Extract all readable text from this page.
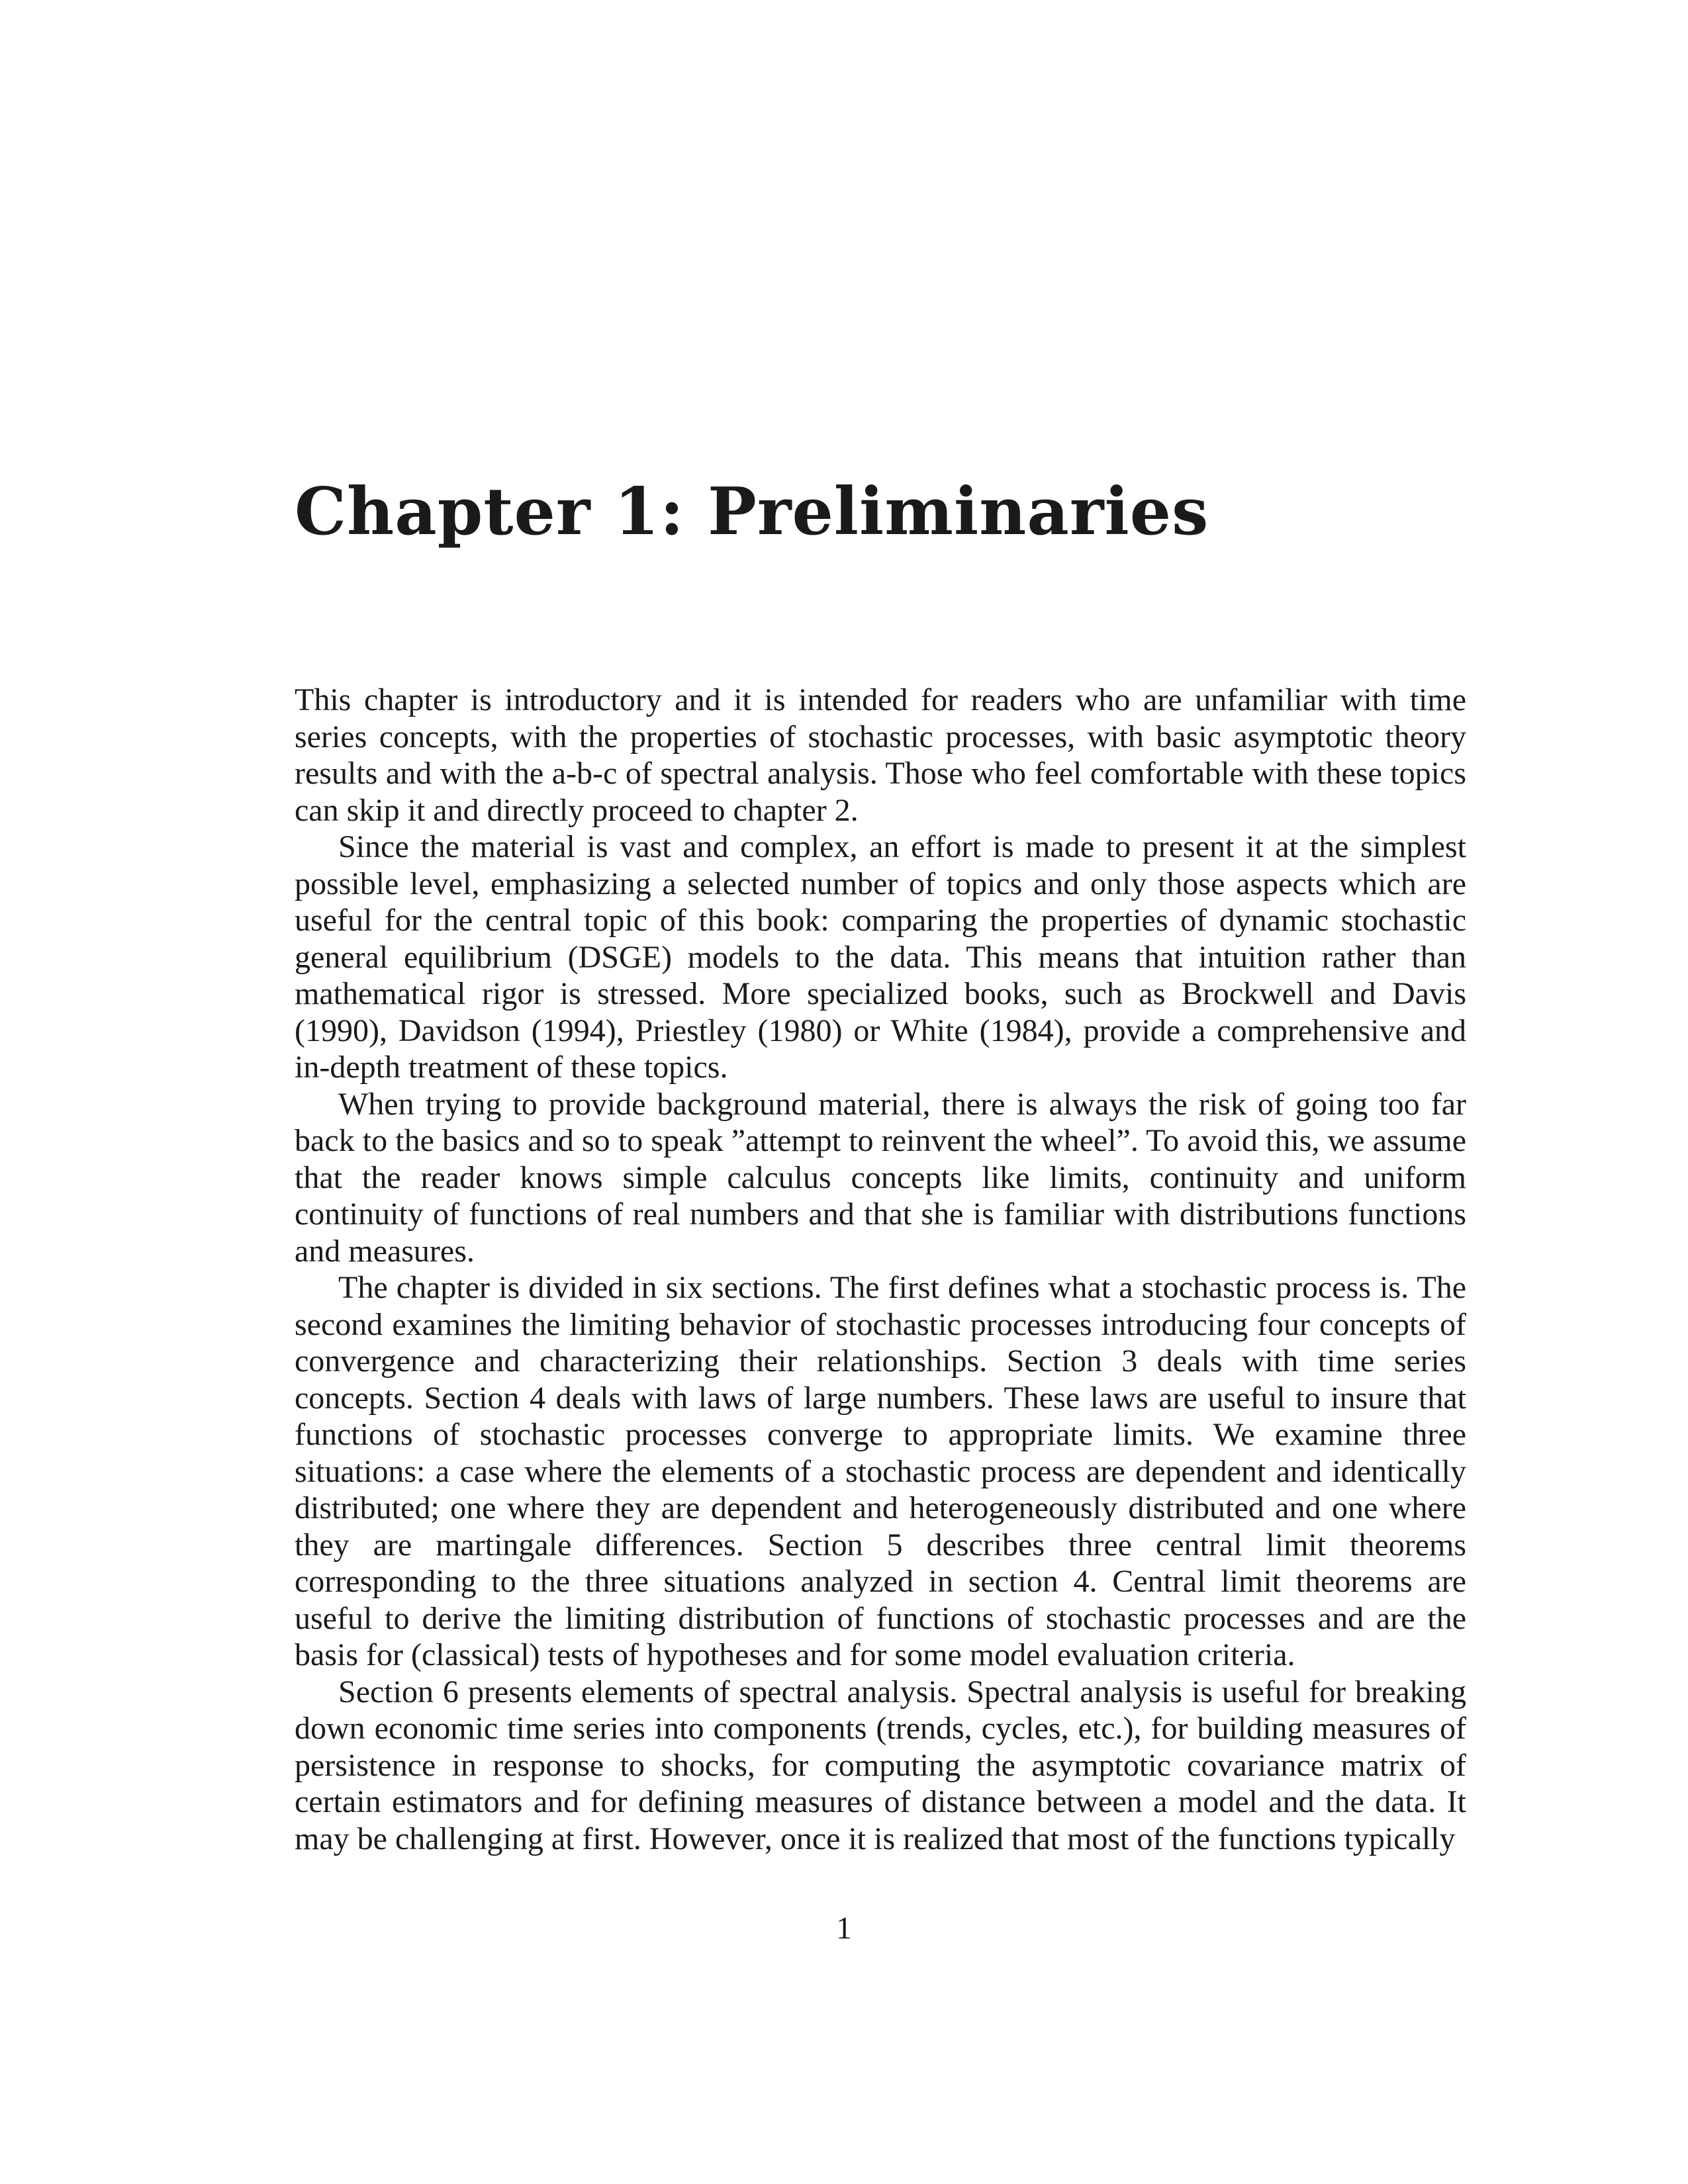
Chapter 1: Preliminaries

This chapter is introductory and it is intended for readers who are unfamiliar with time series concepts, with the properties of stochastic processes, with basic asymptotic theory results and with the a-b-c of spectral analysis. Those who feel comfortable with these topics can skip it and directly proceed to chapter 2.

Since the material is vast and complex, an effort is made to present it at the simplest possible level, emphasizing a selected number of topics and only those aspects which are useful for the central topic of this book: comparing the properties of dynamic stochastic general equilibrium (DSGE) models to the data. This means that intuition rather than mathematical rigor is stressed. More specialized books, such as Brockwell and Davis (1990), Davidson (1994), Priestley (1980) or White (1984), provide a comprehensive and in-depth treatment of these topics.

When trying to provide background material, there is always the risk of going too far back to the basics and so to speak ”attempt to reinvent the wheel”. To avoid this, we assume that the reader knows simple calculus concepts like limits, continuity and uniform continuity of functions of real numbers and that she is familiar with distributions functions and measures.

The chapter is divided in six sections. The first defines what a stochastic process is. The second examines the limiting behavior of stochastic processes introducing four concepts of convergence and characterizing their relationships. Section 3 deals with time series concepts. Section 4 deals with laws of large numbers. These laws are useful to insure that functions of stochastic processes converge to appropriate limits. We examine three situations: a case where the elements of a stochastic process are dependent and identically distributed; one where they are dependent and heterogeneously distributed and one where they are martingale differences. Section 5 describes three central limit theorems corresponding to the three situations analyzed in section 4. Central limit theorems are useful to derive the limiting distribution of functions of stochastic processes and are the basis for (classical) tests of hypotheses and for some model evaluation criteria.

Section 6 presents elements of spectral analysis. Spectral analysis is useful for breaking down economic time series into components (trends, cycles, etc.), for building measures of persistence in response to shocks, for computing the asymptotic covariance matrix of certain estimators and for defining measures of distance between a model and the data. It may be challenging at first. However, once it is realized that most of the functions typically

1
